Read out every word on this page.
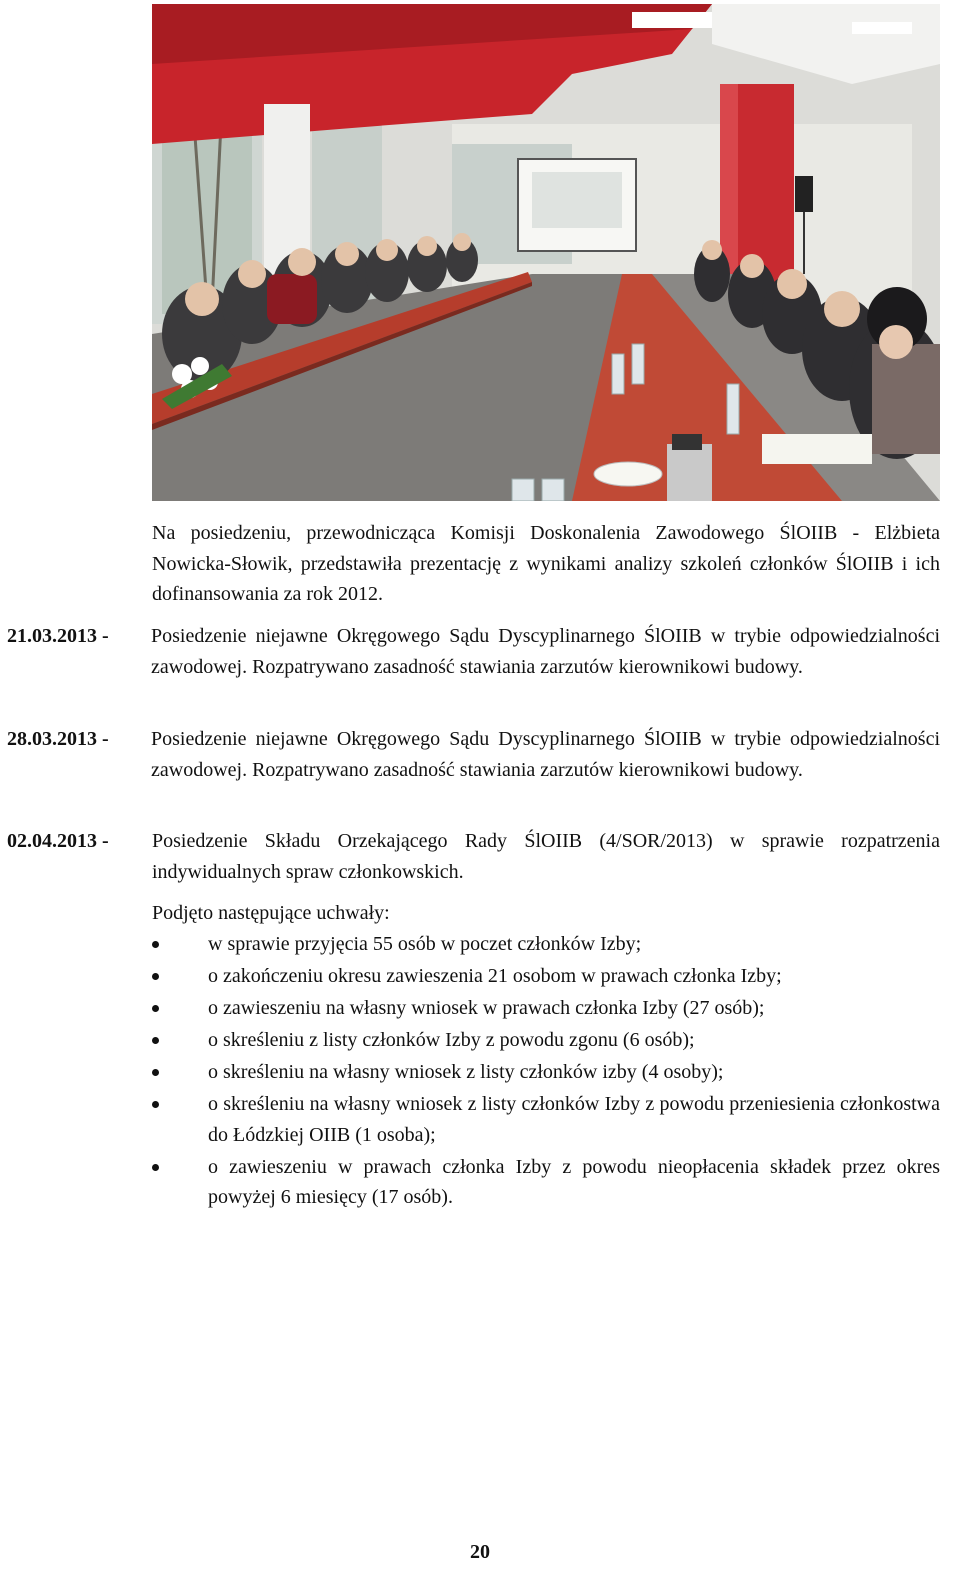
Na posiedzeniu, przewodnicząca Komisji Doskonalenia Zawodowego ŚlOIIB - Elżbieta Nowicka-Słowik, przedstawiła prezentację z wynikami analizy szkoleń członków ŚlOIIB i ich dofinansowania za rok 2012.

21.03.2013 - Posiedzenie niejawne Okręgowego Sądu Dyscyplinarnego ŚlOIIB w trybie odpowiedzialności zawodowej. Rozpatrywano zasadność stawiania zarzutów kierownikowi budowy.

28.03.2013 - Posiedzenie niejawne Okręgowego Sądu Dyscyplinarnego ŚlOIIB w trybie odpowiedzialności zawodowej. Rozpatrywano zasadność stawiania zarzutów kierownikowi budowy.

02.04.2013 - Posiedzenie Składu Orzekającego Rady ŚlOIIB (4/SOR/2013) w sprawie rozpatrzenia indywidualnych spraw członkowskich.

Podjęto następujące uchwały:

w sprawie przyjęcia 55 osób w poczet członków Izby;
o zakończeniu okresu zawieszenia 21 osobom w prawach członka Izby;
o zawieszeniu na własny wniosek w prawach członka Izby (27 osób);
o skreśleniu z listy członków Izby z powodu zgonu (6 osób);
o skreśleniu na własny wniosek z listy członków izby (4 osoby);
o skreśleniu na własny wniosek z listy członków Izby z powodu przeniesienia członkostwa do Łódzkiej OIIB (1 osoba);
o zawieszeniu w prawach członka Izby z powodu nieopłacenia składek przez okres powyżej 6 miesięcy (17 osób).
20
